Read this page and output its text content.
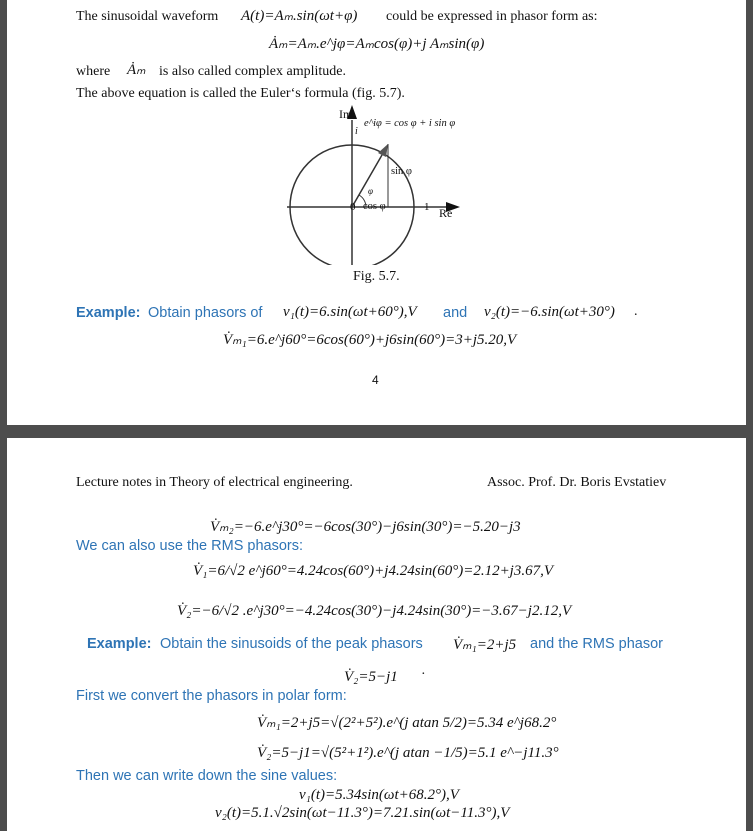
The sinusoidal waveform A(t)=Aₘ.sin(ωt+φ) could be expressed in phasor form as:
Ȧₘ=Aₘ.e^jφ=Aₘcos(φ)+j Aₘsin(φ)
where Ȧₘ is also called complex amplitude.
The above equation is called the Euler‘s formula (fig. 5.7).
Im
i
e^iφ = cos φ + i sin φ
sin φ
φ
0 cos φ	1 Re
Fig. 5.7.
Example: Obtain phasors of v₁(t)=6.sin(ωt+60°),V and v₂(t)=−6.sin(ωt+30°) .
V̇ₘ₁=6.e^j60°=6cos(60°)+j6sin(60°)=3+j5.20,V
4
Lecture notes in Theory of electrical engineering.	Assoc. Prof. Dr. Boris Evstatiev
V̇ₘ₂=−6.e^j30°=−6cos(30°)−j6sin(30°)=−5.20−j3
We can also use the RMS phasors:
V̇₁=6/√2 e^j60°=4.24cos(60°)+j4.24sin(60°)=2.12+j3.67,V
V̇₂=−6/√2 .e^j30°=−4.24cos(30°)−j4.24sin(30°)=−3.67−j2.12,V
Example: Obtain the sinusoids of the peak phasors V̇ₘ₁=2+j5 and the RMS phasor
V̇₂=5−j1 ·
First we convert the phasors in polar form:
V̇ₘ₁=2+j5=√(2²+5²).e^(j atan 5/2)=5.34 e^j68.2°
V̇₂=5−j1=√(5²+1²).e^(j atan −1/5)=5.1 e^−j11.3°
Then we can write down the sine values:
v₁(t)=5.34sin(ωt+68.2°),V
v₂(t)=5.1.√2sin(ωt−11.3°)=7.21.sin(ωt−11.3°),V
